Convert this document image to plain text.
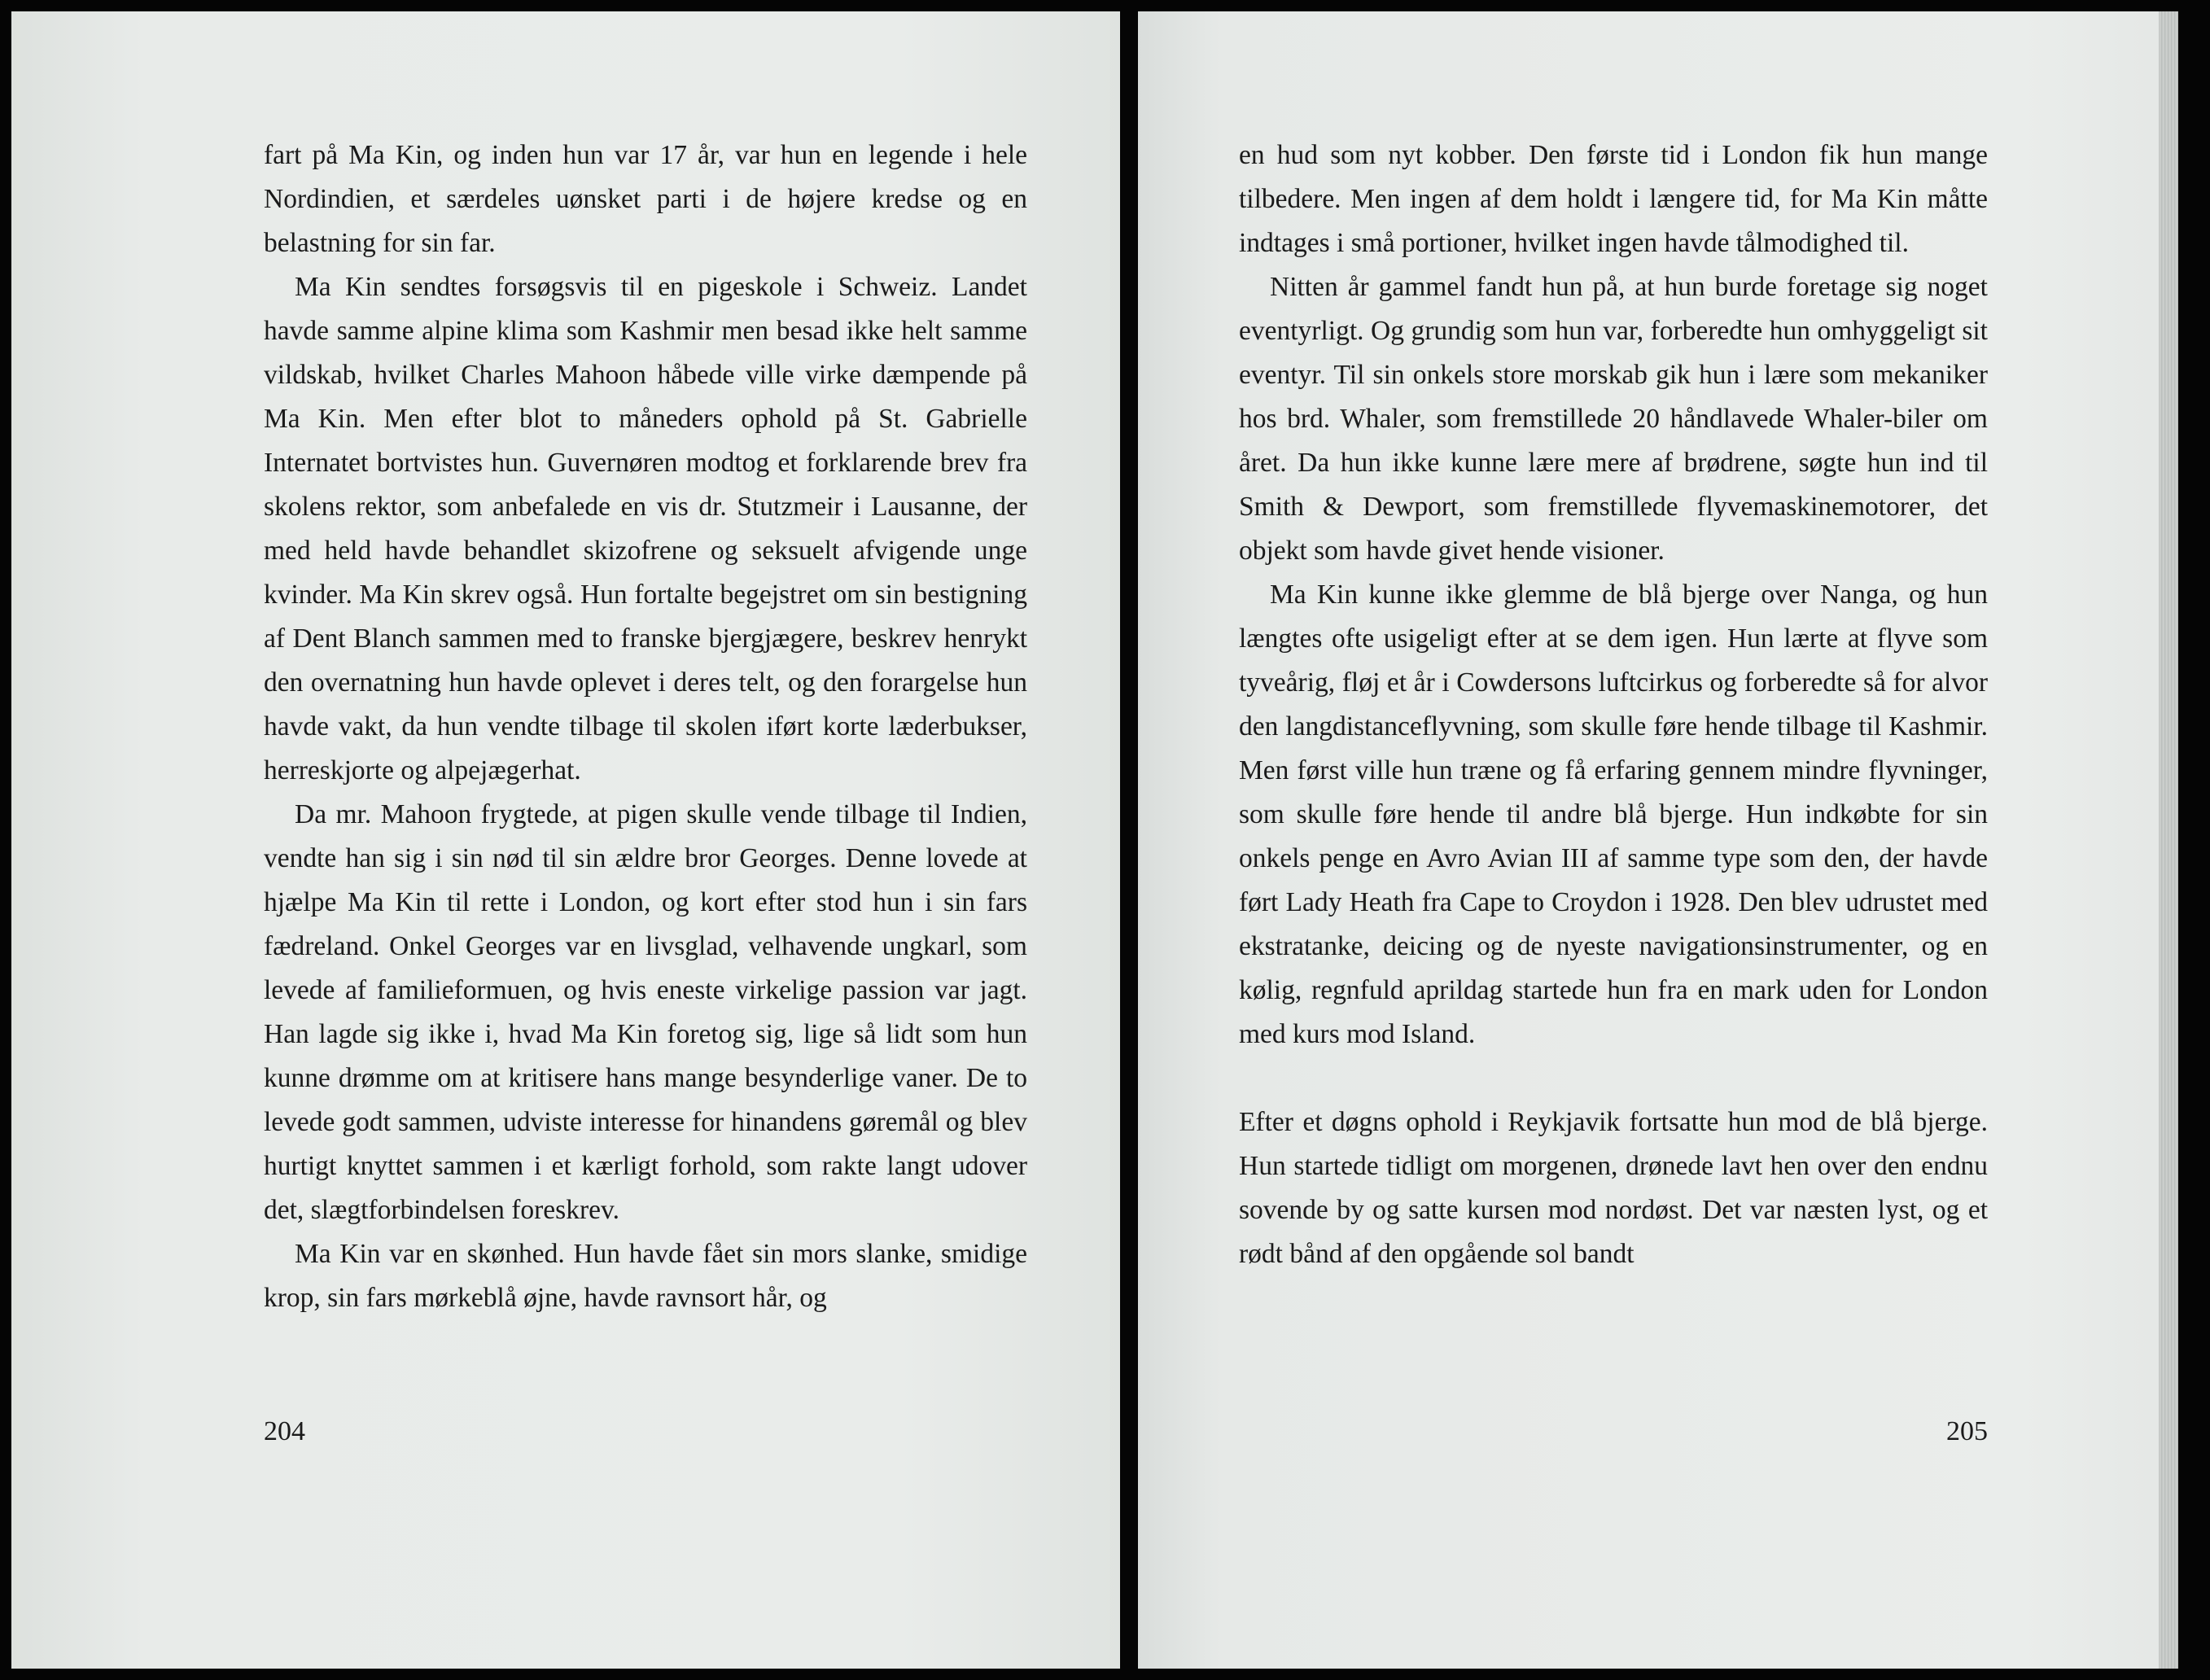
fart på Ma Kin, og inden hun var 17 år, var hun en legende i hele Nordindien, et særdeles uønsket parti i de højere kredse og en belastning for sin far.

Ma Kin sendtes forsøgsvis til en pigeskole i Schweiz. Landet havde samme alpine klima som Kashmir men besad ikke helt samme vildskab, hvilket Charles Mahoon håbede ville virke dæmpende på Ma Kin. Men efter blot to måneders ophold på St. Gabrielle Internatet bortvistes hun. Guvernøren modtog et forklarende brev fra skolens rektor, som anbefalede en vis dr. Stutzmeir i Lausanne, der med held havde behandlet skizofrene og seksuelt afvigende unge kvinder. Ma Kin skrev også. Hun fortalte begejstret om sin bestigning af Dent Blanch sammen med to franske bjergjægere, beskrev henrykt den overnatning hun havde oplevet i deres telt, og den forargelse hun havde vakt, da hun vendte tilbage til skolen iført korte læderbukser, herreskjorte og alpejægerhat.

Da mr. Mahoon frygtede, at pigen skulle vende tilbage til Indien, vendte han sig i sin nød til sin ældre bror Georges. Denne lovede at hjælpe Ma Kin til rette i London, og kort efter stod hun i sin fars fædreland. Onkel Georges var en livsglad, velhavende ungkarl, som levede af familieformuen, og hvis eneste virkelige passion var jagt. Han lagde sig ikke i, hvad Ma Kin foretog sig, lige så lidt som hun kunne drømme om at kritisere hans mange besynderlige vaner. De to levede godt sammen, udviste interesse for hinandens gøremål og blev hurtigt knyttet sammen i et kærligt forhold, som rakte langt udover det, slægtforbindelsen foreskrev.

Ma Kin var en skønhed. Hun havde fået sin mors slanke, smidige krop, sin fars mørkeblå øjne, havde ravnsort hår, og

204

en hud som nyt kobber. Den første tid i London fik hun mange tilbedere. Men ingen af dem holdt i længere tid, for Ma Kin måtte indtages i små portioner, hvilket ingen havde tålmodighed til.

Nitten år gammel fandt hun på, at hun burde foretage sig noget eventyrligt. Og grundig som hun var, forberedte hun omhyggeligt sit eventyr. Til sin onkels store morskab gik hun i lære som mekaniker hos brd. Whaler, som fremstillede 20 håndlavede Whaler-biler om året. Da hun ikke kunne lære mere af brødrene, søgte hun ind til Smith & Dewport, som fremstillede flyvemaskinemotorer, det objekt som havde givet hende visioner.

Ma Kin kunne ikke glemme de blå bjerge over Nanga, og hun længtes ofte usigeligt efter at se dem igen. Hun lærte at flyve som tyveårig, fløj et år i Cowdersons luftcirkus og forberedte så for alvor den langdistanceflyvning, som skulle føre hende tilbage til Kashmir. Men først ville hun træne og få erfaring gennem mindre flyvninger, som skulle føre hende til andre blå bjerge. Hun indkøbte for sin onkels penge en Avro Avian III af samme type som den, der havde ført Lady Heath fra Cape to Croydon i 1928. Den blev udrustet med ekstratanke, deicing og de nyeste navigationsinstrumenter, og en kølig, regnfuld aprildag startede hun fra en mark uden for London med kurs mod Island.

Efter et døgns ophold i Reykjavik fortsatte hun mod de blå bjerge. Hun startede tidligt om morgenen, drønede lavt hen over den endnu sovende by og satte kursen mod nordøst. Det var næsten lyst, og et rødt bånd af den opgående sol bandt

205
